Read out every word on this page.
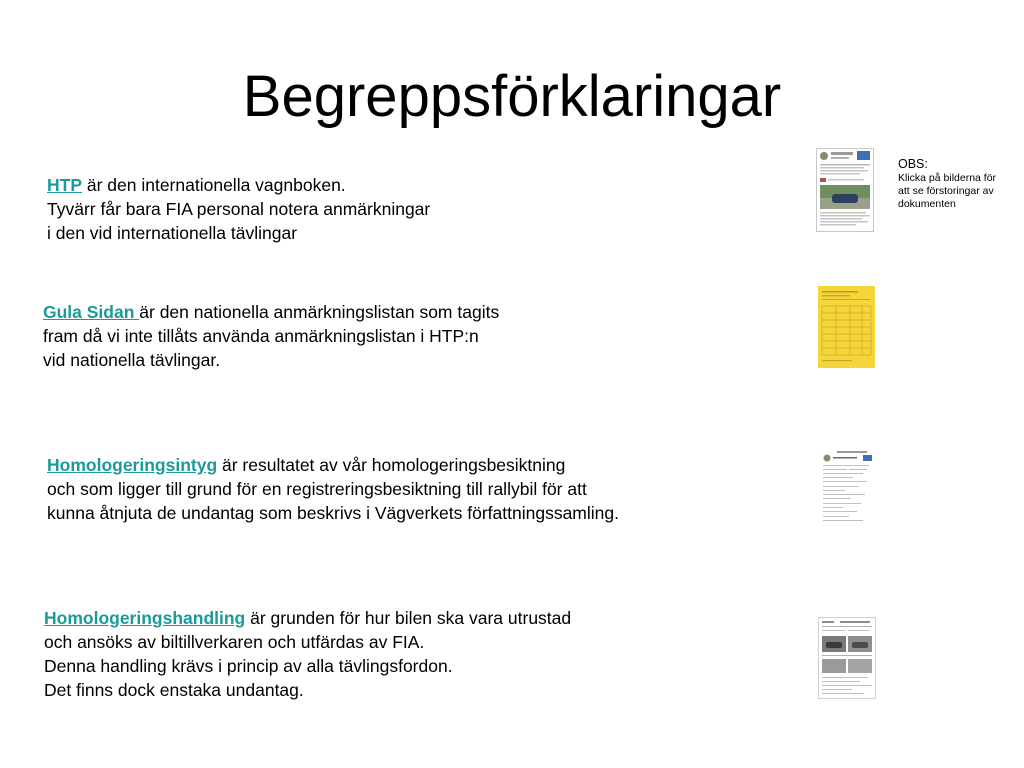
Begreppsförklaringar
HTP är den internationella vagnboken.
Tyvärr får bara FIA personal notera anmärkningar
i den vid internationella tävlingar
Gula Sidan är den nationella anmärkningslistan som tagits
fram då vi inte tillåts använda anmärkningslistan i HTP:n
vid nationella tävlingar.
Homologeringsintyg är resultatet av vår homologeringsbesiktning
och som ligger till grund för en registreringsbesiktning till rallybil för att
kunna åtnjuta de undantag som beskrivs i Vägverkets författningssamling.
Homologeringshandling är grunden för hur bilen ska vara utrustad
och ansöks av biltillverkaren och utfärdas av FIA.
Denna handling krävs i princip av alla tävlingsfordon.
Det finns dock enstaka undantag.
OBS:
Klicka på bilderna för
att se förstoringar av
dokumenten
